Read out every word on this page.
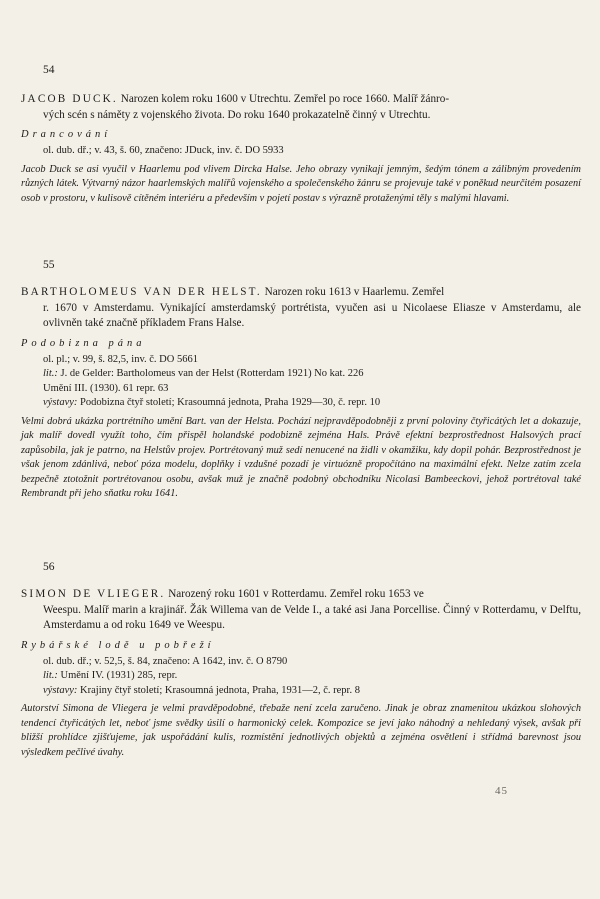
54

JACOB DUCK. Narozen kolem roku 1600 v Utrechtu. Zemřel po roce 1660. Malíř žánro-
vých scén s náměty z vojenského života. Do roku 1640 prokazatelně činný v Utrechtu.

Drancování
ol. dub. dř.; v. 43, š. 60, značeno: JDuck, inv. č. DO 5933
Jacob Duck se asi vyučil v Haarlemu pod vlivem Dircka Halse. Jeho obrazy vynikají jemným, šedým tónem a zálibným provedením různých látek. Výtvarný názor haarlemských malířů vojenského a společenského žánru se projevuje také v poněkud neurčitém posazení osob v prostoru, v kulisově cítěném interiéru a především v pojetí postav s výrazně protaženými těly s malými hlavami.
55

BARTHOLOMEUS VAN DER HELST. Narozen roku 1613 v Haarlemu. Zemřel
r. 1670 v Amsterdamu. Vynikající amsterdamský portrétista, vyučen asi u Nicolaese Eliasze v Amsterdamu, ale ovlivněn také značně příkladem Frans Halse.

Podobizna pána
ol. pl.; v. 99, š. 82,5, inv. č. DO 5661
lit.: J. de Gelder: Bartholomeus van der Helst (Rotterdam 1921) No kat. 226
Umění III. (1930). 61 repr. 63
výstavy: Podobizna čtyř století; Krasoumná jednota, Praha 1929—30, č. repr. 10
Velmi dobrá ukázka portrétního umění Bart. van der Helsta. Pochází nejpravděpodobněji z první poloviny čtyřicátých let a dokazuje, jak malíř dovedl využít toho, čím přispěl holandské podobizně zejména Hals. Právě efektní bezprostřednost Halsových prací zapůsobila, jak je patrno, na Helstův projev. Portrétovaný muž sedí nenucené na židli v okamžiku, kdy dopil pohár. Bezprostřednost je však jenom zdánlivá, neboť póza modelu, doplňky i vzdušné pozadí je virtuózně propočítáno na maximální efekt. Nelze zatím zcela bezpečně ztotožnit portrétovanou osobu, avšak muž je značně podobný obchodníku Nicolasi Bambeeckovi, jehož portrétoval také Rembrandt při jeho sňatku roku 1641.
56

SIMON DE VLIEGER. Narozený roku 1601 v Rotterdamu. Zemřel roku 1653 ve
Weespu. Malíř marin a krajinář. Žák Willema van de Velde I., a také asi Jana Porcellise. Činný v Rotterdamu, v Delftu, Amsterdamu a od roku 1649 ve Weespu.

Rybářské lodě u pobřeží
ol. dub. dř.; v. 52,5, š. 84, značeno: A 1642, inv. č. O 8790
lit.: Umění IV. (1931) 285, repr.
výstavy: Krajiny čtyř století; Krasoumná jednota, Praha, 1931—2, č. repr. 8
Autorství Simona de Vliegera je velmi pravděpodobné, třebaže není zcela zaručeno. Jinak je obraz znamenitou ukázkou slohových tendencí čtyřicátých let, neboť jsme svědky úsilí o harmonický celek. Kompozice se jeví jako náhodný a nehledaný výsek, avšak při bližší prohlídce zjišťujeme, jak uspořádání kulis, rozmístění jednotlivých objektů a zejména osvětlení i střídmá barevnost jsou výsledkem pečlivé úvahy.
45
